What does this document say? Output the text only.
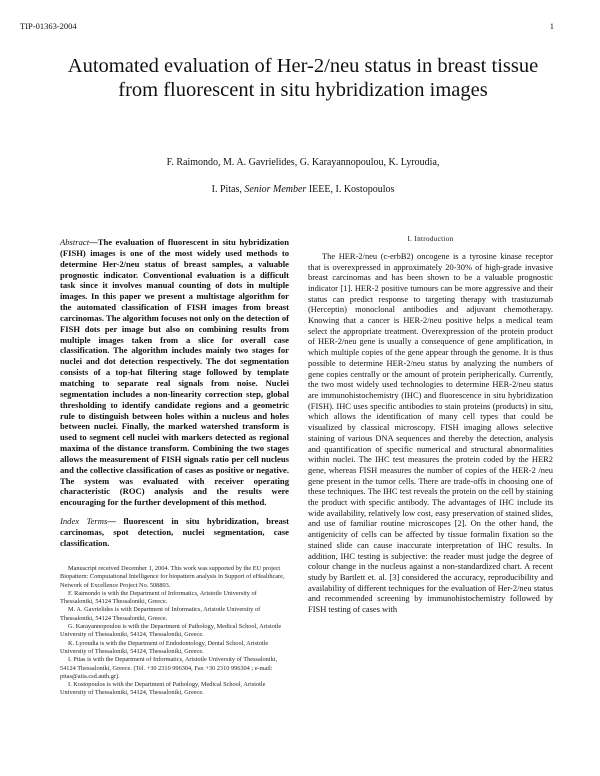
TIP-01363-2004	1
Automated evaluation of Her-2/neu status in breast tissue from fluorescent in situ hybridization images
F. Raimondo, M. A. Gavrielides, G. Karayannopoulou, K. Lyroudia,
I. Pitas, Senior Member IEEE, I. Kostopoulos

Abstract—The evaluation of fluorescent in situ hybridization (FISH) images is one of the most widely used methods to determine Her-2/neu status of breast samples, a valuable prognostic indicator. Conventional evaluation is a difficult task since it involves manual counting of dots in multiple images. In this paper we present a multistage algorithm for the automated classification of FISH images from breast carcinomas. The algorithm focuses not only on the detection of FISH dots per image but also on combining results from multiple images taken from a slice for overall case classification. The algorithm includes mainly two stages for nuclei and dot detection respectively. The dot segmentation consists of a top-hat filtering stage followed by template matching to separate real signals from noise. Nuclei segmentation includes a non-linearity correction step, global thresholding to identify candidate regions and a geometric rule to distinguish between holes within a nucleus and holes between nuclei. Finally, the marked watershed transform is used to segment cell nuclei with markers detected as regional maxima of the distance transform. Combining the two stages allows the measurement of FISH signals ratio per cell nucleus and the collective classification of cases as positive or negative. The system was evaluated with receiver operating characteristic (ROC) analysis and the results were encouraging for the further development of this method.

Index Terms— fluorescent in situ hybridization, breast carcinomas, spot detection, nuclei segmentation, case classification.

Manuscript received December 1, 2004. This work was supported by the EU project Biopattern: Computational Intelligence for biopattern analysis in Support of eHealthcare, Network of Excellence Project No. 508803.

F. Raimondo is with the Department of Informatics, Aristotle University of Thessaloniki, 54124 Thessaloniki, Greece.

M. A. Gavrielides is with Department of Informatics, Aristotle University of Thessaloniki, 54124 Thessaloniki, Greece.

G. Karayannopoulou is with the Department of Pathology, Medical School, Aristotle University of Thessaloniki, 54124, Thessaloniki, Greece.

K. Lyroudia is with the Department of Endodontology, Dental School, Aristotle University of Thessaloniki, 54124, Thessaloniki, Greece.

I. Pitas is with the Department of Informatics, Aristotle University of Thessaloniki, 54124 Thessaloniki, Greece. (Tel. +30 2310 996304, Fax +30 2310 996304 ; e-mail: pitas@aiia.csd.auth.gr).

I. Kostopoulos is with the Department of Pathology, Medical School, Aristotle University of Thessaloniki, 54124, Thessaloniki, Greece.

I. Introduction

The HER-2/neu (c-erbB2) oncogene is a tyrosine kinase receptor that is overexpressed in approximately 20-30% of high-grade invasive breast carcinomas and has been shown to be a valuable prognostic indicator [1]. HER-2 positive tumours can be more aggressive and their status can predict response to targeting therapy with trastuzumab (Herceptin) monoclonal antibodies and adjuvant chemotherapy. Knowing that a cancer is HER-2/neu positive helps a medical team select the appropriate treatment. Overexpression of the protein product of HER-2/neu gene is usually a consequence of gene amplification, in which multiple copies of the gene appear through the genome. It is thus possible to determine HER-2/neu status by analyzing the numbers of gene copies centrally or the amount of protein peripherically. Currently, the two most widely used technologies to determine HER-2/neu status are immunohistochemistry (IHC) and fluorescence in situ hybridization (FISH). IHC uses specific antibodies to stain proteins (products) in situ, which allows the identification of many cell types that could be visualized by classical microscopy. FISH imaging allows selective staining of various DNA sequences and thereby the detection, analysis and quantification of specific numerical and structural abnormalities within nuclei. The IHC test measures the protein coded by the HER2 gene, whereas FISH measures the number of copies of the HER-2 /neu gene present in the tumor cells. There are trade-offs in choosing one of these techniques. The IHC test reveals the protein on the cell by staining the product with specific antibody. The advantages of IHC include its wide availability, relatively low cost, easy preservation of stained slides, and use of familiar routine microscopes [2]. On the other hand, the antigenicity of cells can be affected by tissue formalin fixation so the stained slide can cause inaccurate interpretation of IHC results. In addition, IHC testing is subjective: the reader must judge the degree of colour change in the nucleus against a non-standardized chart. A recent study by Bartlett et. al. [3] considered the accuracy, reproducibility and availability of different techniques for the evaluation of Her-2/neu status and recommended screening by immunohistochemistry followed by FISH testing of cases with
